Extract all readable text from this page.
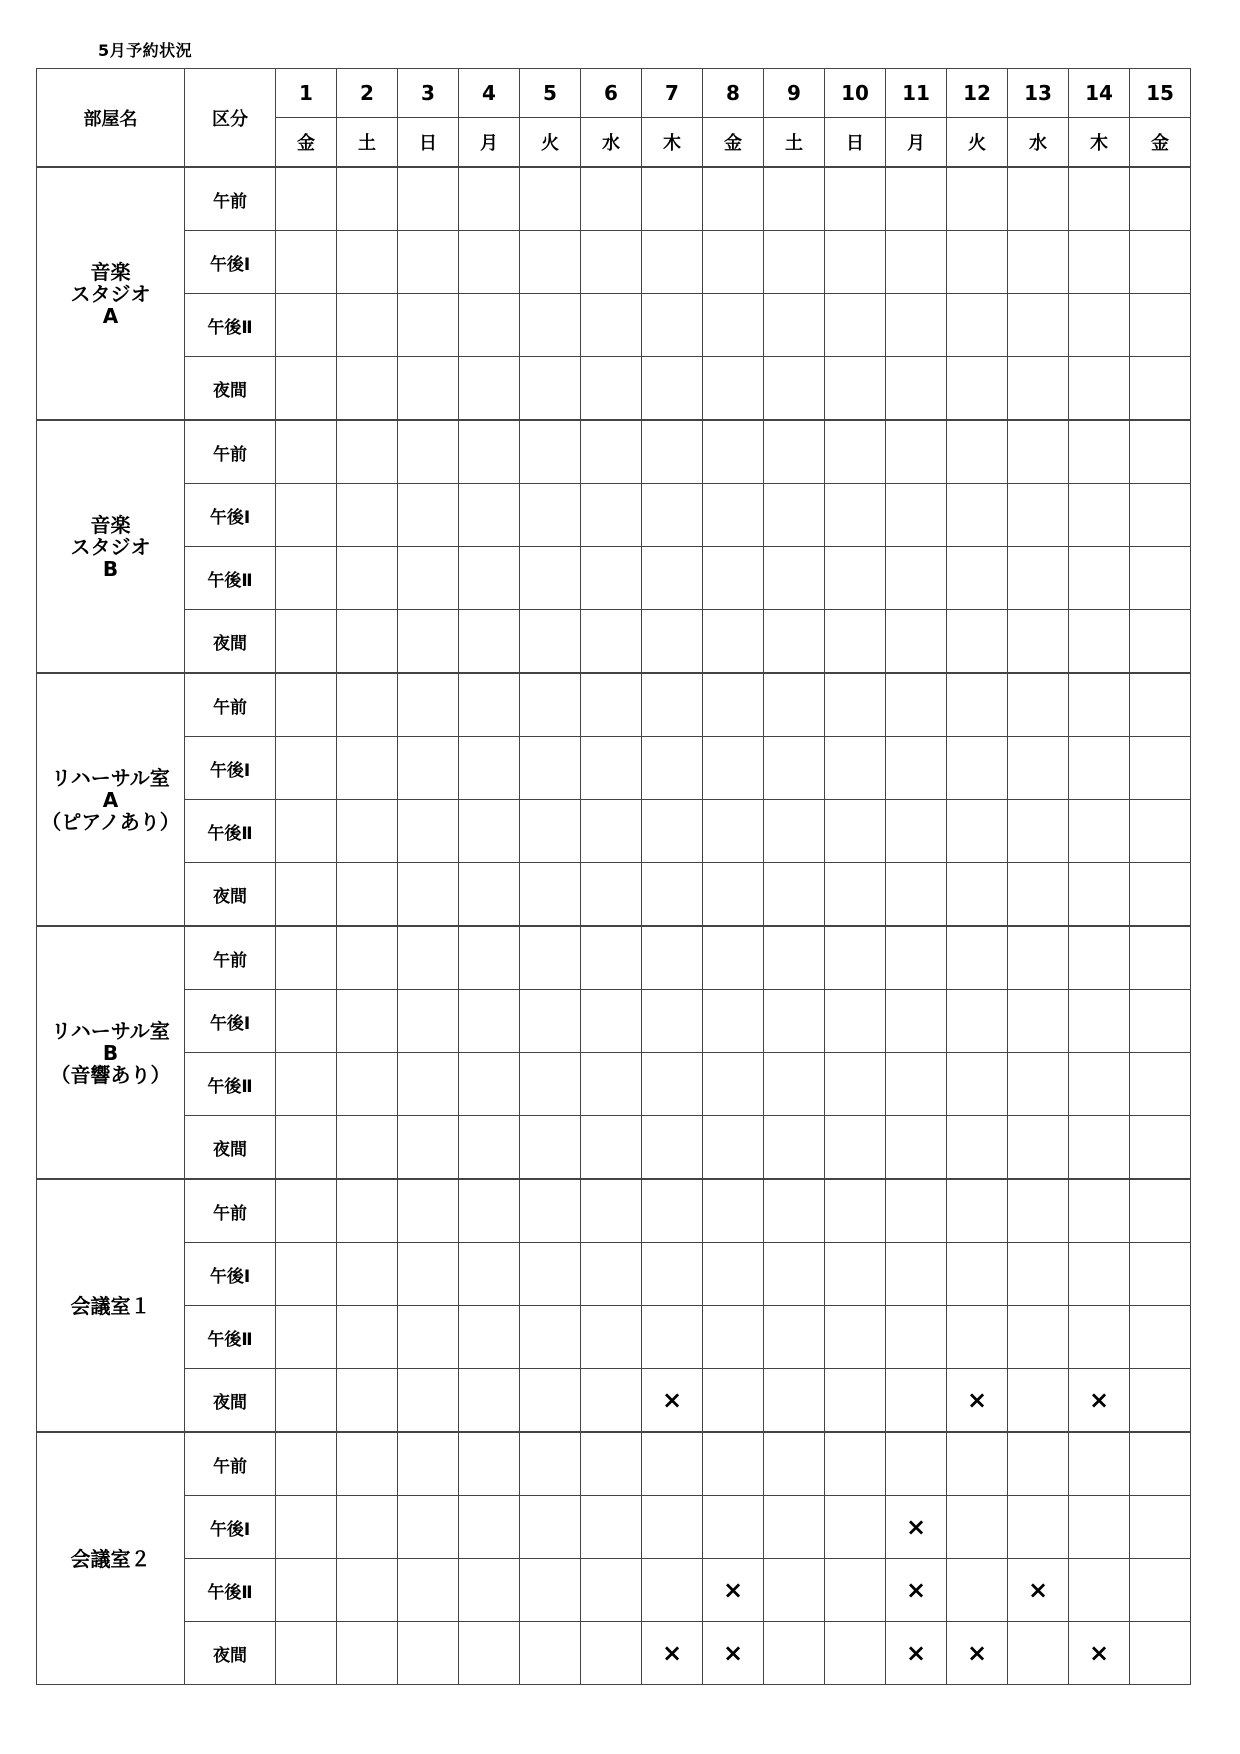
5月予約状況
部屋名	区分	1	2	3	4	5	6	7	8	9	10	11	12	13	14	15
		金	土	日	月	火	水	木	金	土	日	月	火	水	木	金
音楽
スタジオ
A	午前															
	午後Ⅰ															
	午後Ⅱ															
	夜間															
音楽
スタジオ
B	午前															
	午後Ⅰ															
	午後Ⅱ															
	夜間															
リハーサル室
A
（ピアノあり）	午前															
	午後Ⅰ															
	午後Ⅱ															
	夜間															
リハーサル室
B
（音響あり）	午前															
	午後Ⅰ															
	午後Ⅱ															
	夜間															
会議室１	午前															
	午後Ⅰ															
	午後Ⅱ															
	夜間							×					×		×	
会議室２	午前															
	午後Ⅰ											×				
	午後Ⅱ								×			×		×		
	夜間							×	×			×	×		×	
